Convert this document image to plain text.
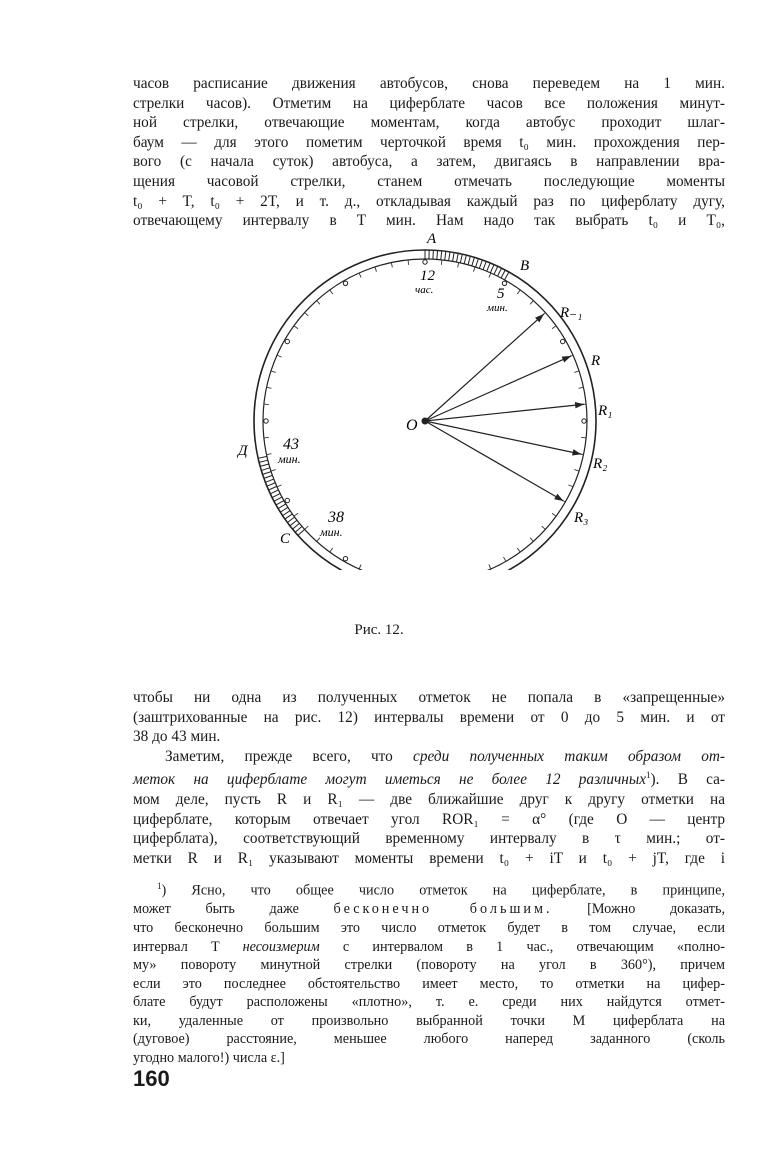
часов расписание движения автобусов, снова переведем на 1 мин.
стрелки часов). Отметим на циферблате часов все положения минут-
ной стрелки, отвечающие моментам, когда автобус проходит шлаг-
баум — для этого пометим черточкой время t₀ мин. прохождения пер-
вого (с начала суток) автобуса, а затем, двигаясь в направлении вра-
щения часовой стрелки, станем отмечать последующие моменты
t₀ + T, t₀ + 2T, и т. д., откладывая каждый раз по циферблату дугу,
отвечающему интервалу в T мин. Нам надо так выбрать t₀ и T₀,
A
B
R₋₁
R
R₁
R₂
R₃
O
Д
C
12
час.	5
мин.
43
мин.
38
мин.
Рис. 12.
чтобы ни одна из полученных отметок не попала в «запрещенные»
(заштрихованные на рис. 12) интервалы времени от 0 до 5 мин. и от
38 до 43 мин.
Заметим, прежде всего, что среди полученных таким образом от-
меток на циферблате могут иметься не более 12 различных$^1$). В са-
мом деле, пусть R и R₁ — две ближайшие друг к другу отметки на
циферблате, которым отвечает угол ROR₁ = α° (где O — центр
циферблата), соответствующий временному интервалу в τ мин.; от-
метки R и R₁ указывают моменты времени t₀ + iT и t₀ + jT, где i
$^1$) Ясно, что общее число отметок на циферблате, в принципе,
может быть даже бесконечно большим. [Можно доказать,
что бесконечно большим это число отметок будет в том случае, если
интервал T несоизмерим с интервалом в 1 час., отвечающим «полно-
му» повороту минутной стрелки (повороту на угол в 360°), причем
если это последнее обстоятельство имеет место, то отметки на цифер-
блате будут расположены «плотно», т. е. среди них найдутся отмет-
ки, удаленные от произвольно выбранной точки M циферблата на
(дуговое) расстояние, меньшее любого наперед заданного (сколь
угодно малого!) числа ε.]
160
